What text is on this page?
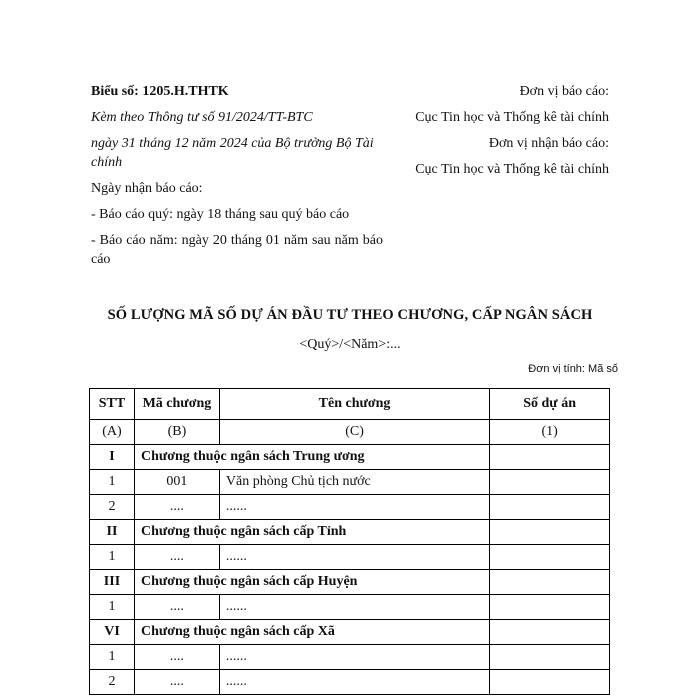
Biểu số: 1205.H.THTK

Kèm theo Thông tư số 91/2024/TT-BTC

ngày 31 tháng 12 năm 2024 của Bộ trưởng Bộ Tài chính

Ngày nhận báo cáo:

- Báo cáo quý: ngày 18 tháng sau quý báo cáo

- Báo cáo năm: ngày 20 tháng 01 năm sau năm báo cáo

Đơn vị báo cáo:

Cục Tin học và Thống kê tài chính

Đơn vị nhận báo cáo:

Cục Tin học và Thống kê tài chính

SỐ LƯỢNG MÃ SỐ DỰ ÁN ĐẦU TƯ THEO CHƯƠNG, CẤP NGÂN SÁCH
<Quý>/<Năm>:...
Đơn vị tính: Mã số
STT	Mã chương	Tên chương	Số dự án
(A)	(B)	(C)	(1)
I	Chương thuộc ngân sách Trung ương		
1	001	Văn phòng Chủ tịch nước	
2	....	......	
II	Chương thuộc ngân sách cấp Tỉnh		
1	....	......	
III	Chương thuộc ngân sách cấp Huyện		
1	....	......	
VI	Chương thuộc ngân sách cấp Xã		
1	....	......	
2	....	......	
